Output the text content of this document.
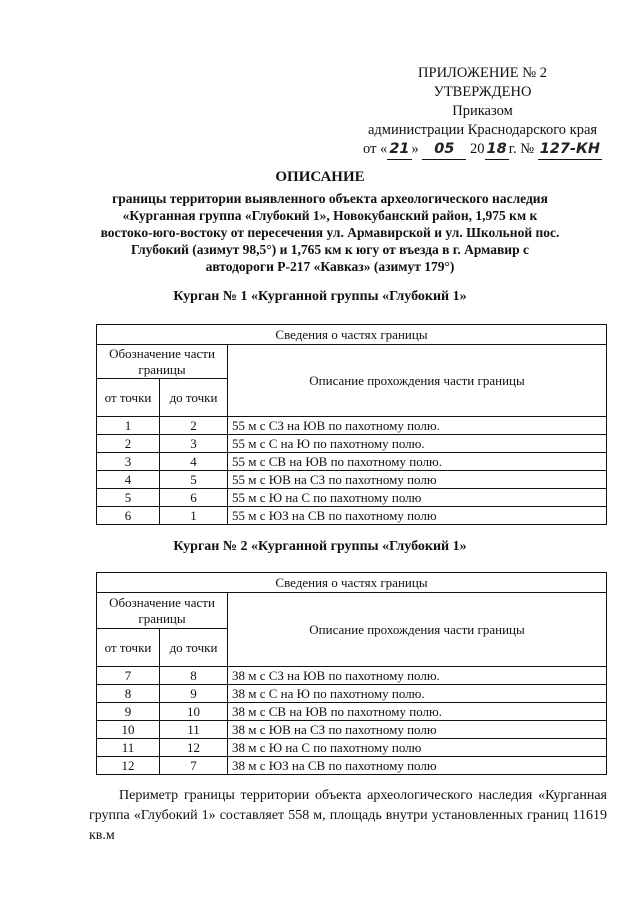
ПРИЛОЖЕНИЕ № 2
УТВЕРЖДЕНО
Приказом
администрации Краснодарского края
от « 21 » 05 20 18 г. № 127-КН
ОПИСАНИЕ
границы территории выявленного объекта археологического наследия «Курганная группа «Глубокий 1», Новокубанский район, 1,975 км к востоко-юго-востоку от пересечения ул. Армавирской и ул. Школьной пос. Глубокий (азимут 98,5°) и 1,765 км к югу от въезда в г. Армавир с автодороги Р-217 «Кавказ» (азимут 179°)
Курган № 1 «Курганной группы «Глубокий 1»
Сведения о частях границы		
Обозначение части границы		Описание прохождения части границы
от точки	до точки	
1	2	55 м с СЗ на ЮВ по пахотному полю.
2	3	55 м с С на Ю по пахотному полю.
3	4	55 м с СВ на ЮВ по пахотному полю.
4	5	55 м с ЮВ на СЗ по пахотному полю
5	6	55 м с Ю на С по пахотному полю
6	1	55 м с ЮЗ на СВ по пахотному полю
Курган № 2 «Курганной группы «Глубокий 1»
Сведения о частях границы		
Обозначение части границы		Описание прохождения части границы
от точки	до точки	
7	8	38 м с СЗ на ЮВ по пахотному полю.
8	9	38 м с С на Ю по пахотному полю.
9	10	38 м с СВ на ЮВ по пахотному полю.
10	11	38 м с ЮВ на СЗ по пахотному полю
11	12	38 м с Ю на С по пахотному полю
12	7	38 м с ЮЗ на СВ по пахотному полю
Периметр границы территории объекта археологического наследия «Курганная группа «Глубокий 1» составляет 558 м, площадь внутри установленных границ 11619 кв.м
